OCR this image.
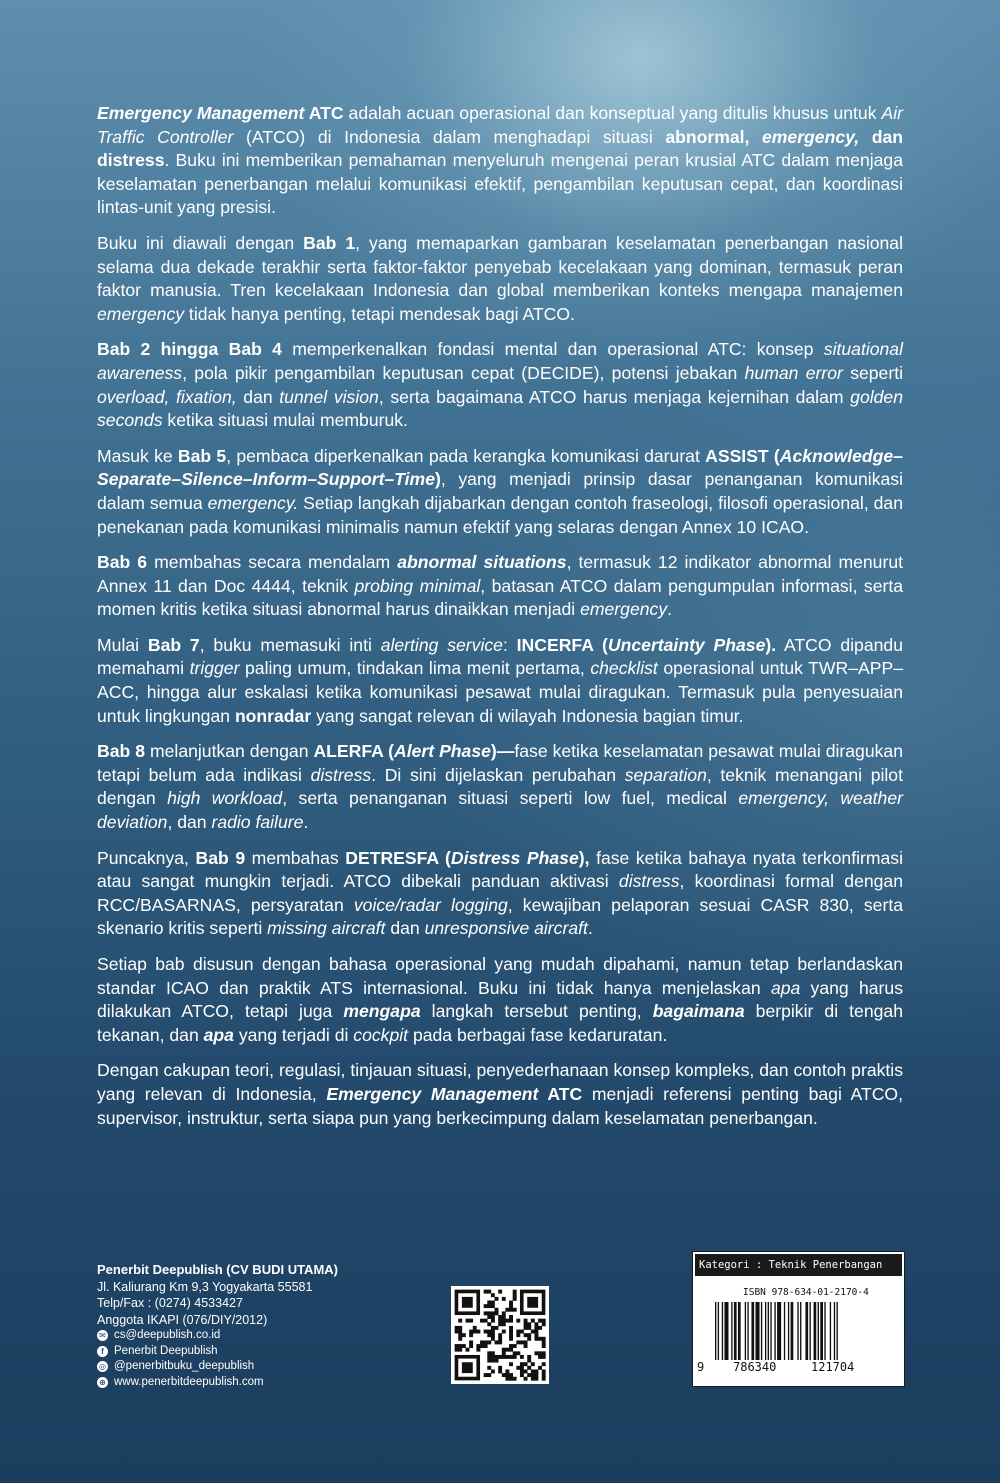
Emergency Management ATC adalah acuan operasional dan konseptual yang ditulis khusus untuk Air Traffic Controller (ATCO) di Indonesia dalam menghadapi situasi abnormal, emergency, dan distress. Buku ini memberikan pemahaman menyeluruh mengenai peran krusial ATC dalam menjaga keselamatan penerbangan melalui komunikasi efektif, pengambilan keputusan cepat, dan koordinasi lintas-unit yang presisi.

Buku ini diawali dengan Bab 1, yang memaparkan gambaran keselamatan penerbangan nasional selama dua dekade terakhir serta faktor-faktor penyebab kecelakaan yang dominan, termasuk peran faktor manusia. Tren kecelakaan Indonesia dan global memberikan konteks mengapa manajemen emergency tidak hanya penting, tetapi mendesak bagi ATCO.

Bab 2 hingga Bab 4 memperkenalkan fondasi mental dan operasional ATC: konsep situational awareness, pola pikir pengambilan keputusan cepat (DECIDE), potensi jebakan human error seperti overload, fixation, dan tunnel vision, serta bagaimana ATCO harus menjaga kejernihan dalam golden seconds ketika situasi mulai memburuk.

Masuk ke Bab 5, pembaca diperkenalkan pada kerangka komunikasi darurat ASSIST (Acknowledge–Separate–Silence–Inform–Support–Time), yang menjadi prinsip dasar penanganan komunikasi dalam semua emergency. Setiap langkah dijabarkan dengan contoh fraseologi, filosofi operasional, dan penekanan pada komunikasi minimalis namun efektif yang selaras dengan Annex 10 ICAO.

Bab 6 membahas secara mendalam abnormal situations, termasuk 12 indikator abnormal menurut Annex 11 dan Doc 4444, teknik probing minimal, batasan ATCO dalam pengumpulan informasi, serta momen kritis ketika situasi abnormal harus dinaikkan menjadi emergency.

Mulai Bab 7, buku memasuki inti alerting service: INCERFA (Uncertainty Phase). ATCO dipandu memahami trigger paling umum, tindakan lima menit pertama, checklist operasional untuk TWR–APP–ACC, hingga alur eskalasi ketika komunikasi pesawat mulai diragukan. Termasuk pula penyesuaian untuk lingkungan nonradar yang sangat relevan di wilayah Indonesia bagian timur.

Bab 8 melanjutkan dengan ALERFA (Alert Phase)—fase ketika keselamatan pesawat mulai diragukan tetapi belum ada indikasi distress. Di sini dijelaskan perubahan separation, teknik menangani pilot dengan high workload, serta penanganan situasi seperti low fuel, medical emergency, weather deviation, dan radio failure.

Puncaknya, Bab 9 membahas DETRESFA (Distress Phase), fase ketika bahaya nyata terkonfirmasi atau sangat mungkin terjadi. ATCO dibekali panduan aktivasi distress, koordinasi formal dengan RCC/BASARNAS, persyaratan voice/radar logging, kewajiban pelaporan sesuai CASR 830, serta skenario kritis seperti missing aircraft dan unresponsive aircraft.

Setiap bab disusun dengan bahasa operasional yang mudah dipahami, namun tetap berlandaskan standar ICAO dan praktik ATS internasional. Buku ini tidak hanya menjelaskan apa yang harus dilakukan ATCO, tetapi juga mengapa langkah tersebut penting, bagaimana berpikir di tengah tekanan, dan apa yang terjadi di cockpit pada berbagai fase kedaruratan.

Dengan cakupan teori, regulasi, tinjauan situasi, penyederhanaan konsep kompleks, dan contoh praktis yang relevan di Indonesia, Emergency Management ATC menjadi referensi penting bagi ATCO, supervisor, instruktur, serta siapa pun yang berkecimpung dalam keselamatan penerbangan.

Penerbit Deepublish (CV BUDI UTAMA)
Jl. Kaliurang Km 9,3 Yogyakarta 55581
Telp/Fax : (0274) 4533427
Anggota IKAPI (076/DIY/2012)
✉ cs@deepublish.co.id
f Penerbit Deepublish
◎ @penerbitbuku_deepublish
⊕ www.penerbitdeepublish.com
Kategori : Teknik Penerbangan
ISBN 978-634-01-2170-4
9 786340	121704
